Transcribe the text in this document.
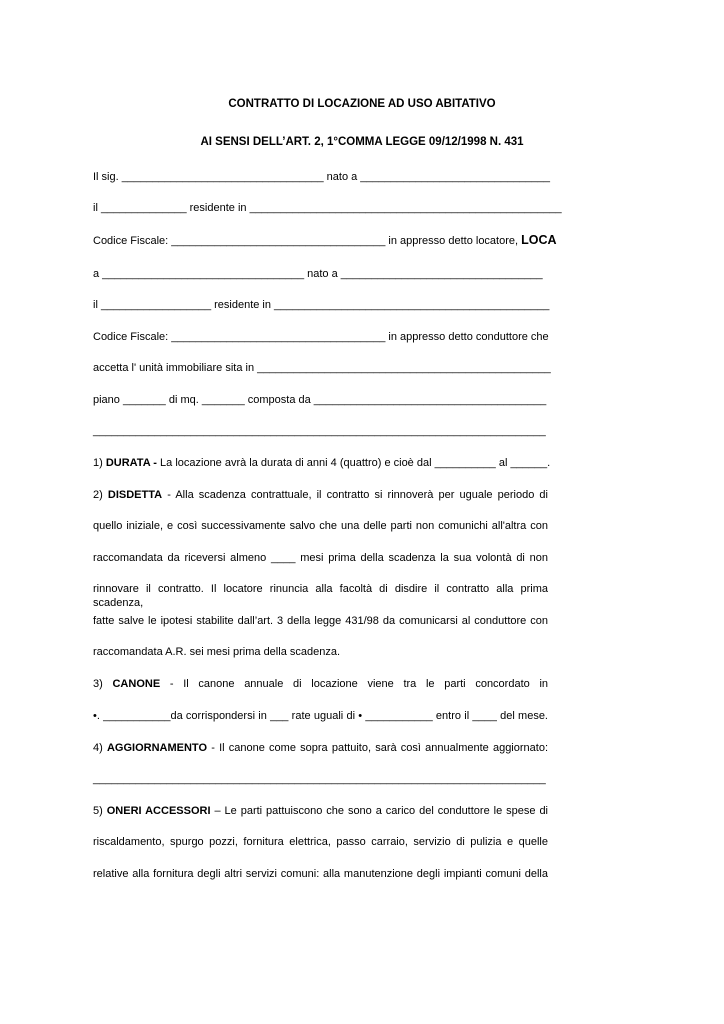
CONTRATTO DI LOCAZIONE AD USO ABITATIVO
AI SENSI DELL’ART. 2, 1°COMMA LEGGE 09/12/1998 N. 431
Il sig. _________________________________ nato a _______________________________
il ______________ residente in ___________________________________________________
Codice Fiscale: ___________________________________ in appresso detto locatore, LOCA
a _________________________________ nato a _________________________________
il __________________ residente in _____________________________________________
Codice Fiscale: ___________________________________ in appresso detto conduttore che
accetta l' unità immobiliare sita in ________________________________________________
piano _______ di mq. _______ composta da ______________________________________
__________________________________________________________________________
1) DURATA - La locazione avrà la durata di anni 4 (quattro) e cioè dal __________ al ______.
2) DISDETTA - Alla scadenza contrattuale, il contratto si rinnoverà per uguale periodo di
quello iniziale, e così successivamente salvo che una delle parti non comunichi all'altra con
raccomandata da riceversi almeno ____ mesi prima della scadenza la sua volontà di non
rinnovare il contratto. Il locatore rinuncia alla facoltà di disdire il contratto alla prima scadenza,
fatte salve le ipotesi stabilite dall’art. 3 della legge 431/98 da comunicarsi al conduttore con
raccomandata A.R. sei mesi prima della scadenza.
3) CANONE - Il canone annuale di locazione viene tra le parti concordato in
•. ___________da corrispondersi in ___ rate uguali di • ___________ entro il ____ del mese.
4) AGGIORNAMENTO - Il canone come sopra pattuito, sarà così annualmente aggiornato:
__________________________________________________________________________
5) ONERI ACCESSORI – Le parti pattuiscono che sono a carico del conduttore le spese di
riscaldamento, spurgo pozzi, fornitura elettrica, passo carraio, servizio di pulizia e quelle
relative alla fornitura degli altri servizi comuni: alla manutenzione degli impianti comuni della
